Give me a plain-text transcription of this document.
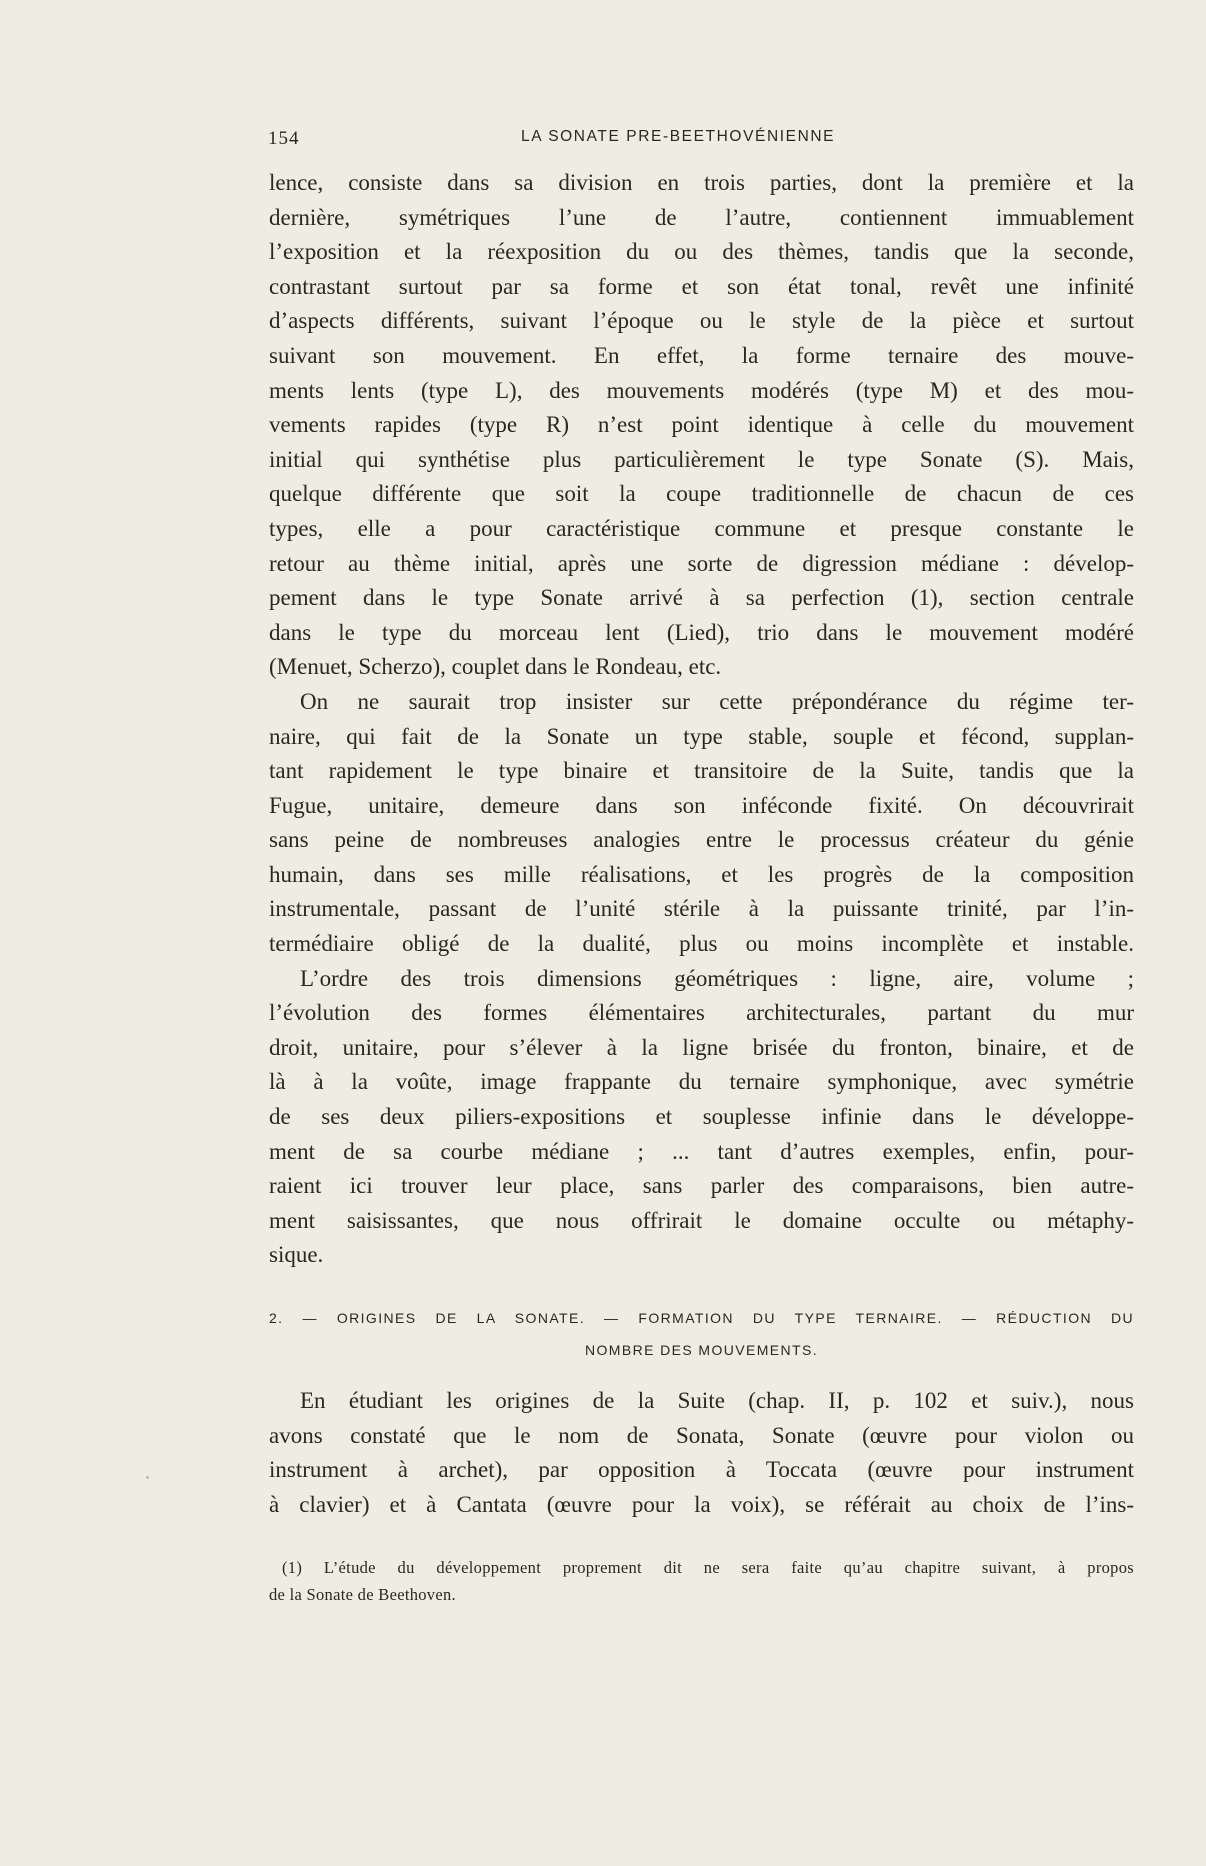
154	LA SONATE PRE-BEETHOVÉNIENNE
lence, consiste dans sa division en trois parties, dont la première et la
dernière, symétriques l’une de l’autre, contiennent immuablement
l’exposition et la réexposition du ou des thèmes, tandis que la seconde,
contrastant surtout par sa forme et son état tonal, revêt une infinité
d’aspects différents, suivant l’époque ou le style de la pièce et surtout
suivant son mouvement. En effet, la forme ternaire des mouve-
ments lents (type L), des mouvements modérés (type M) et des mou-
vements rapides (type R) n’est point identique à celle du mouvement
initial qui synthétise plus particulièrement le type Sonate (S). Mais,
quelque différente que soit la coupe traditionnelle de chacun de ces
types, elle a pour caractéristique commune et presque constante le
retour au thème initial, après une sorte de digression médiane : dévelop-
pement dans le type Sonate arrivé à sa perfection (1), section centrale
dans le type du morceau lent (Lied), trio dans le mouvement modéré
(Menuet, Scherzo), couplet dans le Rondeau, etc.
On ne saurait trop insister sur cette prépondérance du régime ter-
naire, qui fait de la Sonate un type stable, souple et fécond, supplan-
tant rapidement le type binaire et transitoire de la Suite, tandis que la
Fugue, unitaire, demeure dans son inféconde fixité. On découvrirait
sans peine de nombreuses analogies entre le processus créateur du génie
humain, dans ses mille réalisations, et les progrès de la composition
instrumentale, passant de l’unité stérile à la puissante trinité, par l’in-
termédiaire obligé de la dualité, plus ou moins incomplète et instable.
L’ordre des trois dimensions géométriques : ligne, aire, volume ;
l’évolution des formes élémentaires architecturales, partant du mur
droit, unitaire, pour s’élever à la ligne brisée du fronton, binaire, et de
là à la voûte, image frappante du ternaire symphonique, avec symétrie
de ses deux piliers-expositions et souplesse infinie dans le développe-
ment de sa courbe médiane ; ... tant d’autres exemples, enfin, pour-
raient ici trouver leur place, sans parler des comparaisons, bien autre-
ment saisissantes, que nous offrirait le domaine occulte ou métaphy-
sique.
2. — ORIGINES DE LA SONATE. — FORMATION DU TYPE TERNAIRE. — RÉDUCTION DU
NOMBRE DES MOUVEMENTS.
En étudiant les origines de la Suite (chap. II, p. 102 et suiv.), nous
avons constaté que le nom de Sonata, Sonate (œuvre pour violon ou
instrument à archet), par opposition à Toccata (œuvre pour instrument
à clavier) et à Cantata (œuvre pour la voix), se référait au choix de l’ins-
(1) L’étude du développement proprement dit ne sera faite qu’au chapitre suivant, à propos
de la Sonate de Beethoven.
